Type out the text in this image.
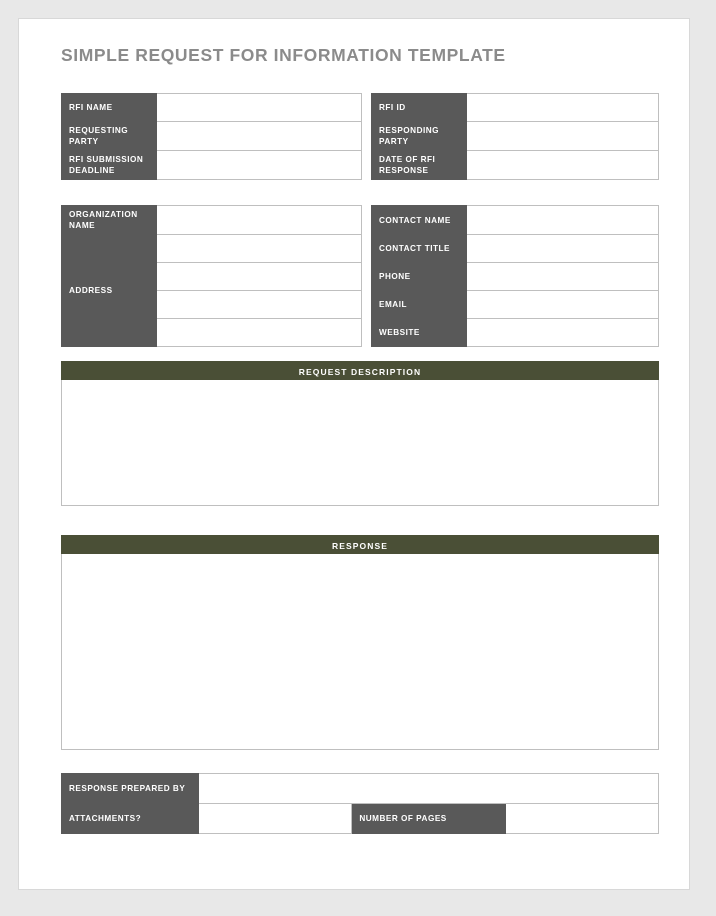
SIMPLE REQUEST FOR INFORMATION TEMPLATE
RFI NAME			RFI ID	
REQUESTING PARTY			RESPONDING PARTY	
RFI SUBMISSION DEADLINE			DATE OF RFI RESPONSE	
ORGANIZATION NAME			CONTACT NAME	
ADDRESS			CONTACT TITLE	
			PHONE	
			EMAIL	
			WEBSITE	
REQUEST DESCRIPTION
RESPONSE
RESPONSE PREPARED BY			
ATTACHMENTS?		NUMBER OF PAGES	
